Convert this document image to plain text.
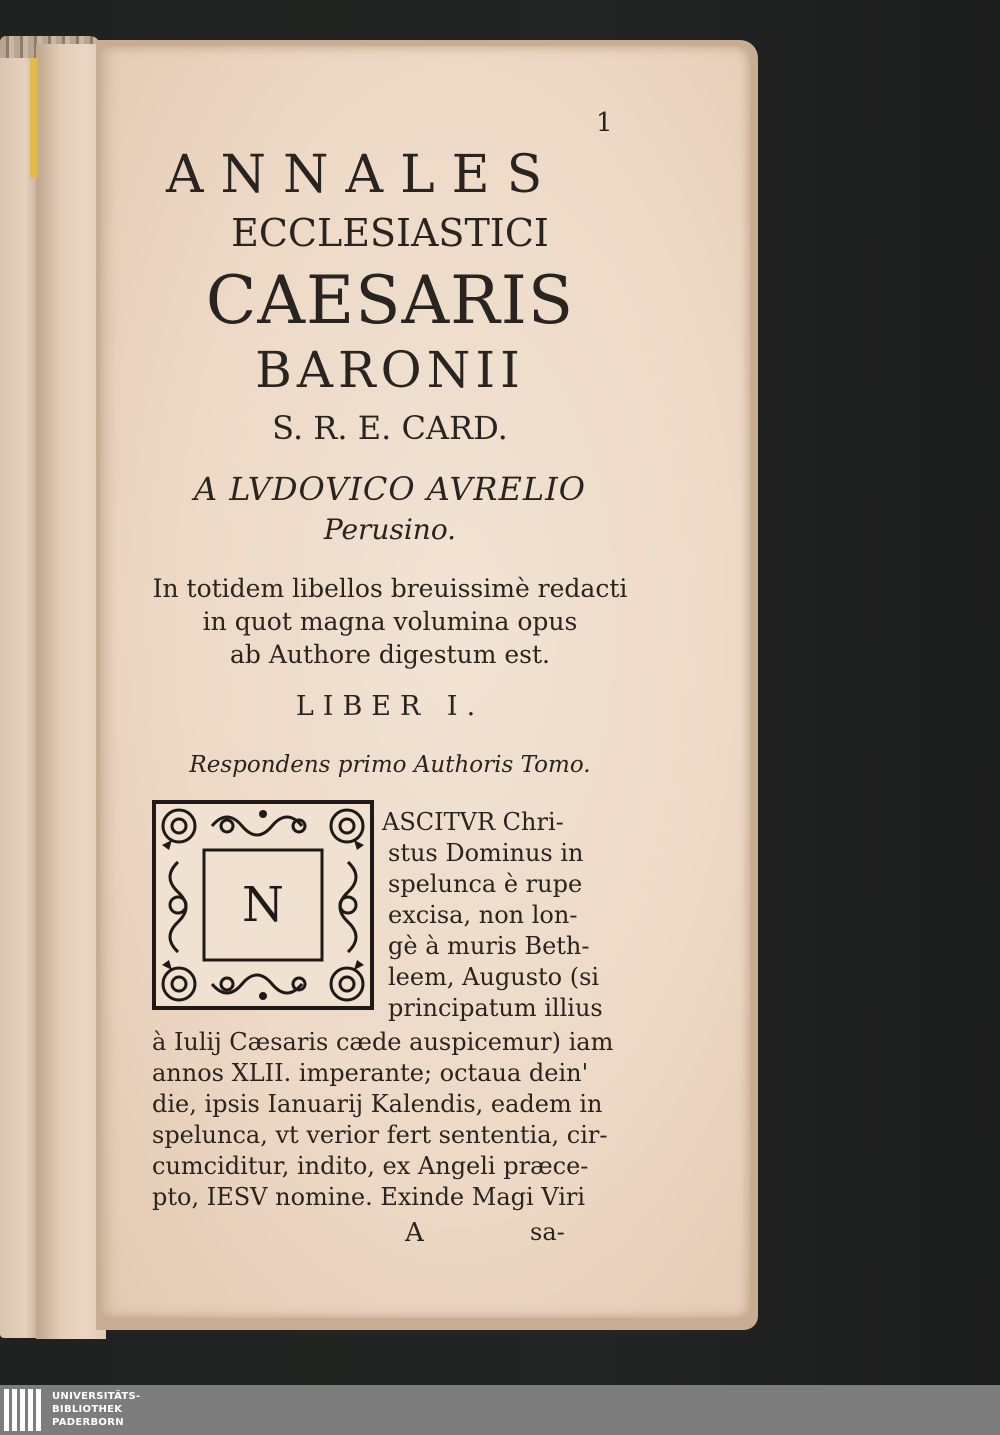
1
ANNALES
ECCLESIASTICI
CAESARIS
BARONII
S. R. E. CARD.
A LVDOVICO AVRELIO
Perusino.
In totidem libellos breuissimè redacti
in quot magna volumina opus
ab Authore digestum est.
LIBER I.
Respondens primo Authoris Tomo.
N
ASCITVR Chri-
stus Dominus in
spelunca è rupe
excisa, non lon-
gè à muris Beth-
leem, Augusto (si
principatum illius
à Iulij Cæsaris cæde auspicemur) iam
annos XLII. imperante; octaua dein'
die, ipsis Ianuarij Kalendis, eadem in
spelunca, vt verior fert sententia, cir-
cumciditur, indito, ex Angeli præce-
pto, IESV nomine. Exinde Magi Viri
A	sa-
UNIVERSITÄTS-
BIBLIOTHEK
PADERBORN
